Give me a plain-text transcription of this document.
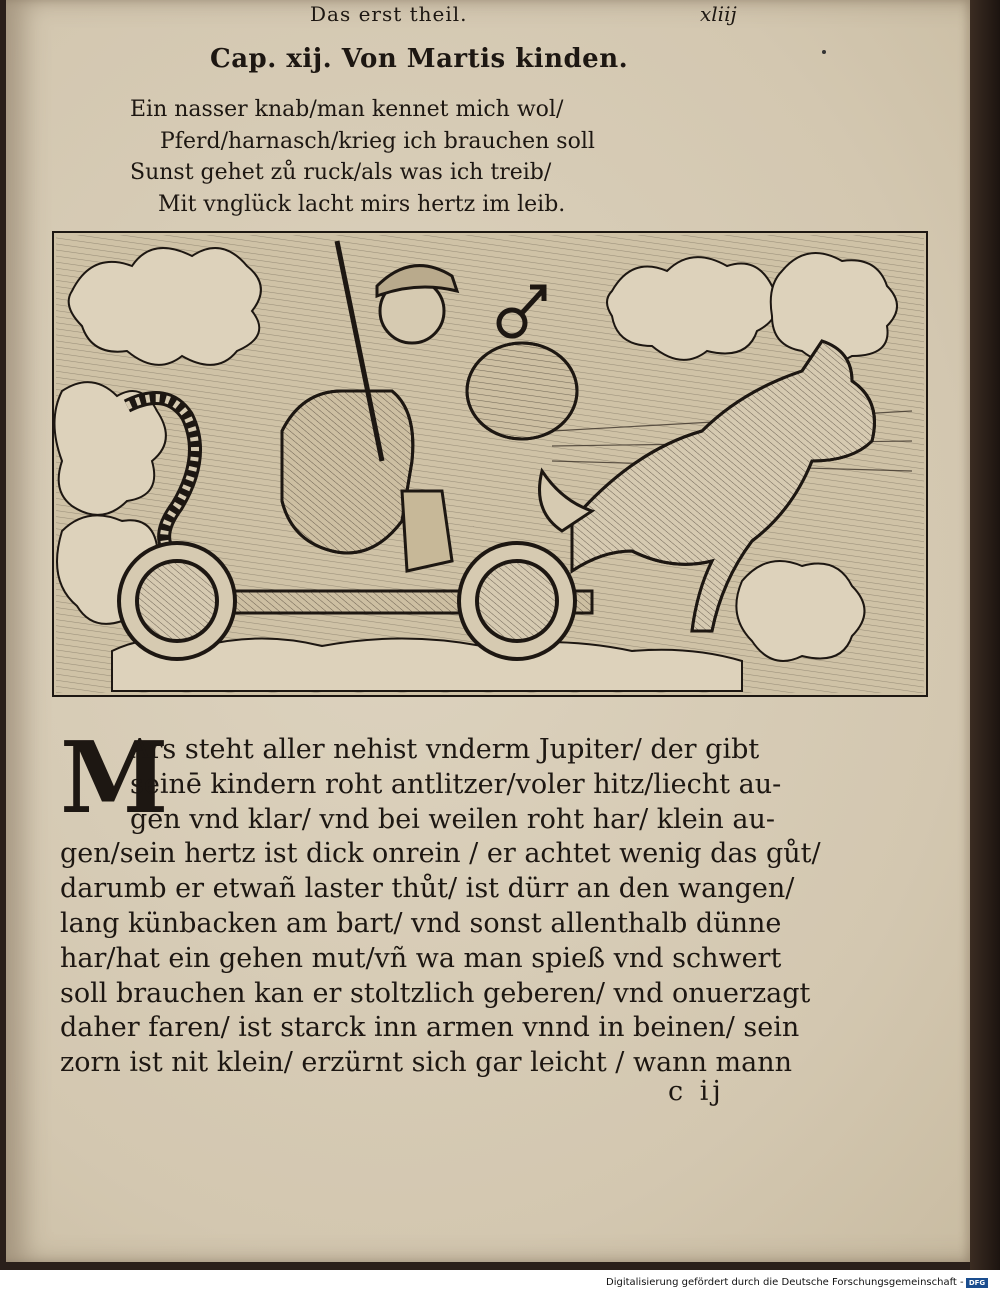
Das erst theil.	xliij
Cap. xij. Von Martis kinden.
Ein nasser knab/man kennet mich wol/
Pferd/harnasch/krieg ich brauchen soll
Sunst gehet zů ruck/als was ich treib/
Mit vnglück lacht mirs hertz im leib.
M
Ars steht aller nehist vnderm Jupiter/ der gibt
seinē kindern roht antlitzer/voler hitz/liecht au-
gen vnd klar/ vnd bei weilen roht har/ klein au-
gen/sein hertz ist dick onrein / er achtet wenig das gůt/
darumb er etwañ laster thůt/ ist dürr an den wangen/
lang künbacken am bart/ vnd sonst allenthalb dünne
har/hat ein gehen mut/vñ wa man spieß vnd schwert
soll brauchen kan er stoltzlich geberen/ vnd onuerzagt
daher faren/ ist starck inn armen vnnd in beinen/ sein
zorn ist nit klein/ erzürnt sich gar leicht / wann mann
c ij
Digitalisierung gefördert durch die Deutsche Forschungsgemeinschaft - DFG
